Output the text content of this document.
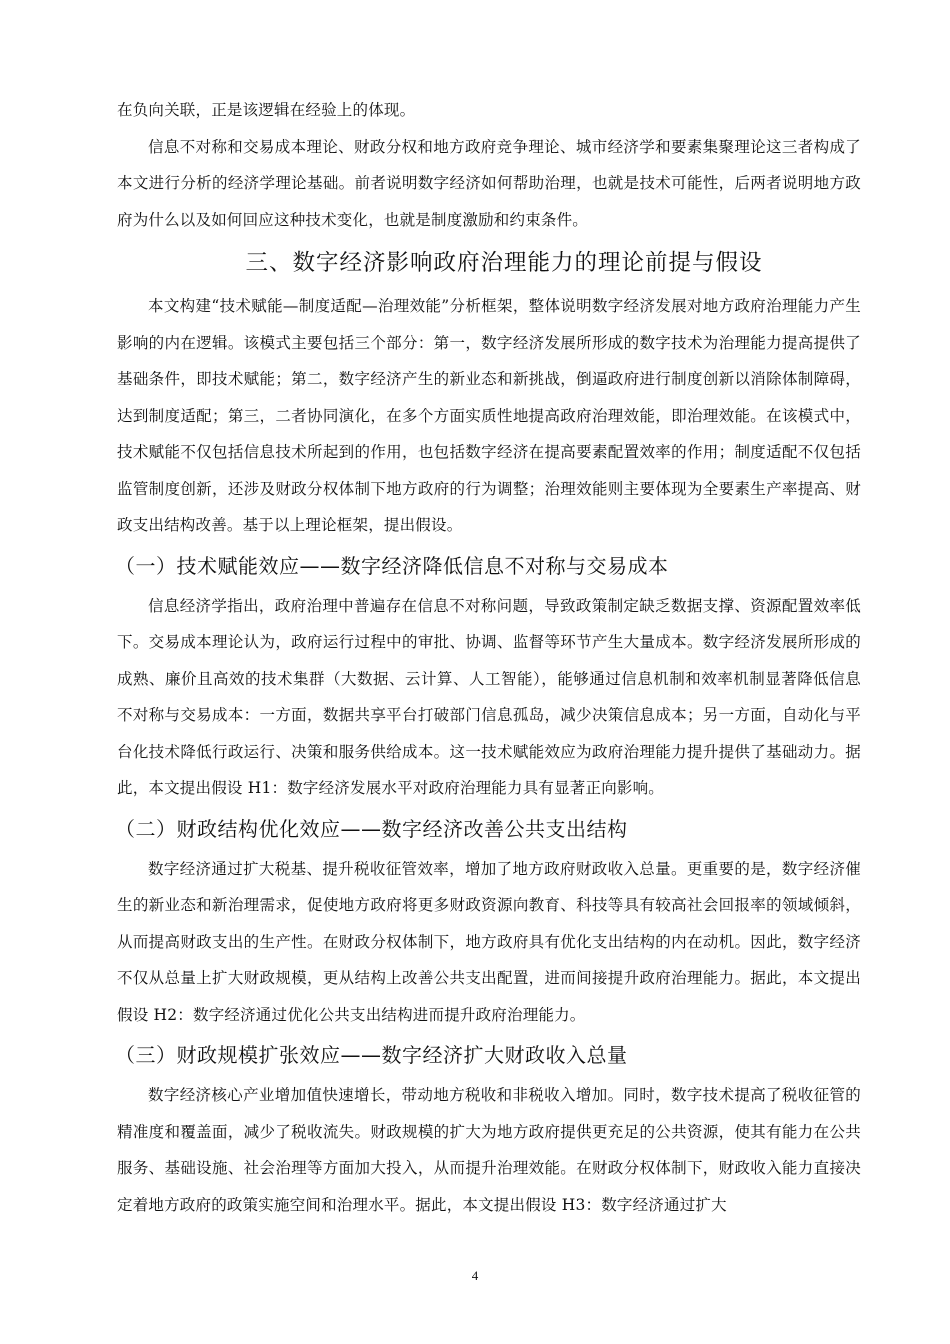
在负向关联，正是该逻辑在经验上的体现。

信息不对称和交易成本理论、财政分权和地方政府竞争理论、城市经济学和要素集聚理论这三者构成了本文进行分析的经济学理论基础。前者说明数字经济如何帮助治理，也就是技术可能性，后两者说明地方政府为什么以及如何回应这种技术变化，也就是制度激励和约束条件。

三、数字经济影响政府治理能力的理论前提与假设

本文构建“技术赋能—制度适配—治理效能”分析框架，整体说明数字经济发展对地方政府治理能力产生影响的内在逻辑。该模式主要包括三个部分：第一，数字经济发展所形成的数字技术为治理能力提高提供了基础条件，即技术赋能；第二，数字经济产生的新业态和新挑战，倒逼政府进行制度创新以消除体制障碍，达到制度适配；第三，二者协同演化，在多个方面实质性地提高政府治理效能，即治理效能。在该模式中，技术赋能不仅包括信息技术所起到的作用，也包括数字经济在提高要素配置效率的作用；制度适配不仅包括监管制度创新，还涉及财政分权体制下地方政府的行为调整；治理效能则主要体现为全要素生产率提高、财政支出结构改善。基于以上理论框架，提出假设。

（一）技术赋能效应——数字经济降低信息不对称与交易成本

信息经济学指出，政府治理中普遍存在信息不对称问题，导致政策制定缺乏数据支撑、资源配置效率低下。交易成本理论认为，政府运行过程中的审批、协调、监督等环节产生大量成本。数字经济发展所形成的成熟、廉价且高效的技术集群（大数据、云计算、人工智能），能够通过信息机制和效率机制显著降低信息不对称与交易成本：一方面，数据共享平台打破部门信息孤岛，减少决策信息成本；另一方面，自动化与平台化技术降低行政运行、决策和服务供给成本。这一技术赋能效应为政府治理能力提升提供了基础动力。据此，本文提出假设 H1：数字经济发展水平对政府治理能力具有显著正向影响。

（二）财政结构优化效应——数字经济改善公共支出结构

数字经济通过扩大税基、提升税收征管效率，增加了地方政府财政收入总量。更重要的是，数字经济催生的新业态和新治理需求，促使地方政府将更多财政资源向教育、科技等具有较高社会回报率的领域倾斜，从而提高财政支出的生产性。在财政分权体制下，地方政府具有优化支出结构的内在动机。因此，数字经济不仅从总量上扩大财政规模，更从结构上改善公共支出配置，进而间接提升政府治理能力。据此，本文提出假设 H2：数字经济通过优化公共支出结构进而提升政府治理能力。

（三）财政规模扩张效应——数字经济扩大财政收入总量

数字经济核心产业增加值快速增长，带动地方税收和非税收入增加。同时，数字技术提高了税收征管的精准度和覆盖面，减少了税收流失。财政规模的扩大为地方政府提供更充足的公共资源，使其有能力在公共服务、基础设施、社会治理等方面加大投入，从而提升治理效能。在财政分权体制下，财政收入能力直接决定着地方政府的政策实施空间和治理水平。据此，本文提出假设 H3：数字经济通过扩大

4
